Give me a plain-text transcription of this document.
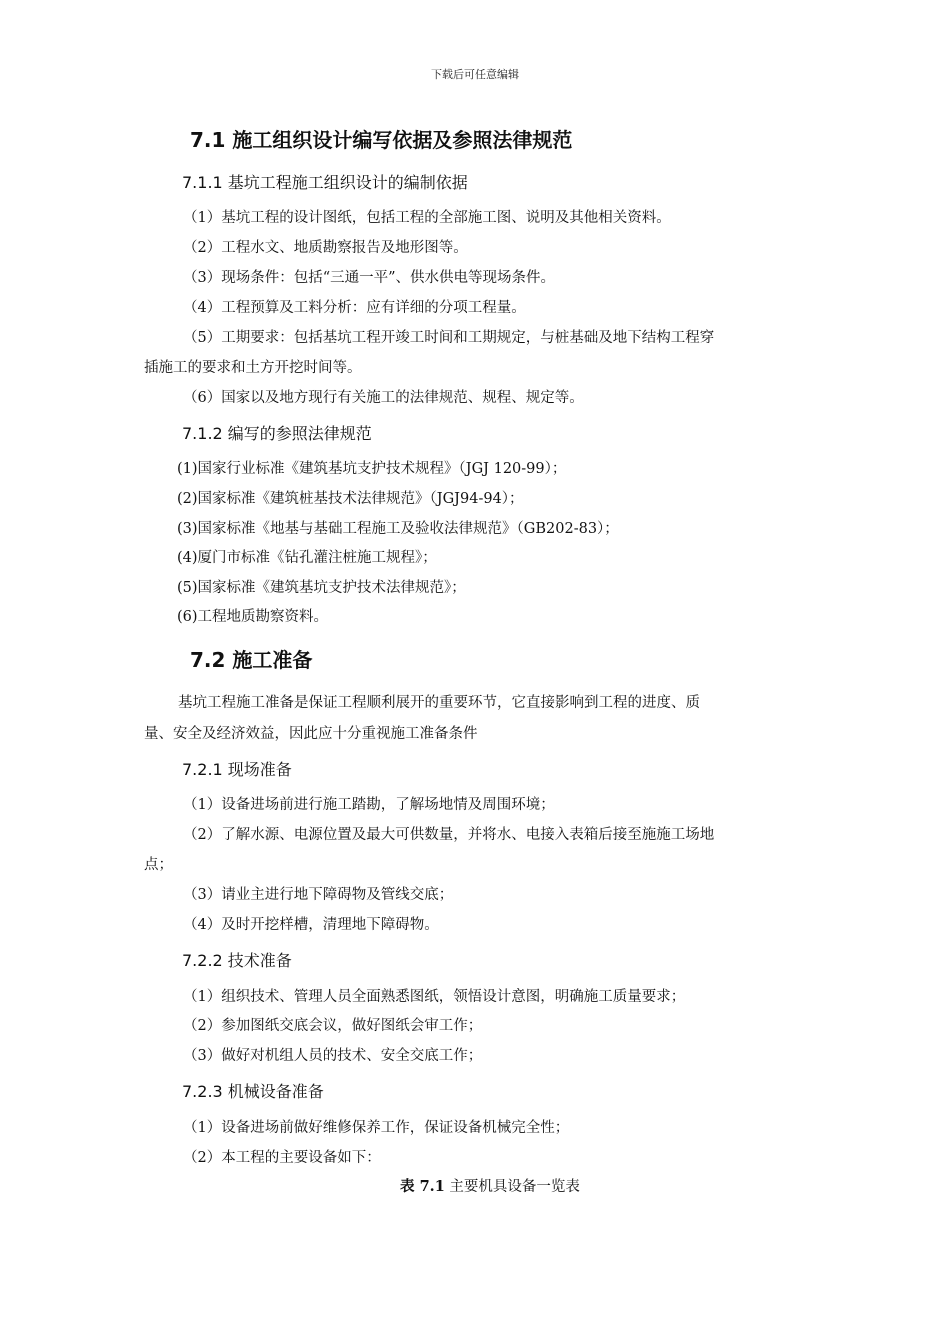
下载后可任意编辑
7.1 施工组织设计编写依据及参照法律规范
7.1.1 基坑工程施工组织设计的编制依据
（1）基坑工程的设计图纸，包括工程的全部施工图、说明及其他相关资料。
（2）工程水文、地质勘察报告及地形图等。
（3）现场条件：包括“三通一平”、供水供电等现场条件。
（4）工程预算及工料分析：应有详细的分项工程量。
（5）工期要求：包括基坑工程开竣工时间和工期规定，与桩基础及地下结构工程穿
插施工的要求和土方开挖时间等。
（6）国家以及地方现行有关施工的法律规范、规程、规定等。
7.1.2 编写的参照法律规范
(1)国家行业标准《建筑基坑支护技术规程》（JGJ 120-99）；
(2)国家标准《建筑桩基技术法律规范》（JGJ94-94）；
(3)国家标准《地基与基础工程施工及验收法律规范》（GB202-83）；
(4)厦门市标准《钻孔灌注桩施工规程》；
(5)国家标准《建筑基坑支护技术法律规范》；
(6)工程地质勘察资料。
7.2 施工准备
基坑工程施工准备是保证工程顺利展开的重要环节，它直接影响到工程的进度、质
量、安全及经济效益，因此应十分重视施工准备条件
7.2.1 现场准备
（1）设备进场前进行施工踏勘，了解场地情及周围环境；
（2）了解水源、电源位置及最大可供数量，并将水、电接入表箱后接至施施工场地
点；
（3）请业主进行地下障碍物及管线交底；
（4）及时开挖样槽，清理地下障碍物。
7.2.2 技术准备
（1）组织技术、管理人员全面熟悉图纸，领悟设计意图，明确施工质量要求；
（2）参加图纸交底会议，做好图纸会审工作；
（3）做好对机组人员的技术、安全交底工作；
7.2.3 机械设备准备
（1）设备进场前做好维修保养工作，保证设备机械完全性；
（2）本工程的主要设备如下：
表 7.1 主要机具设备一览表
